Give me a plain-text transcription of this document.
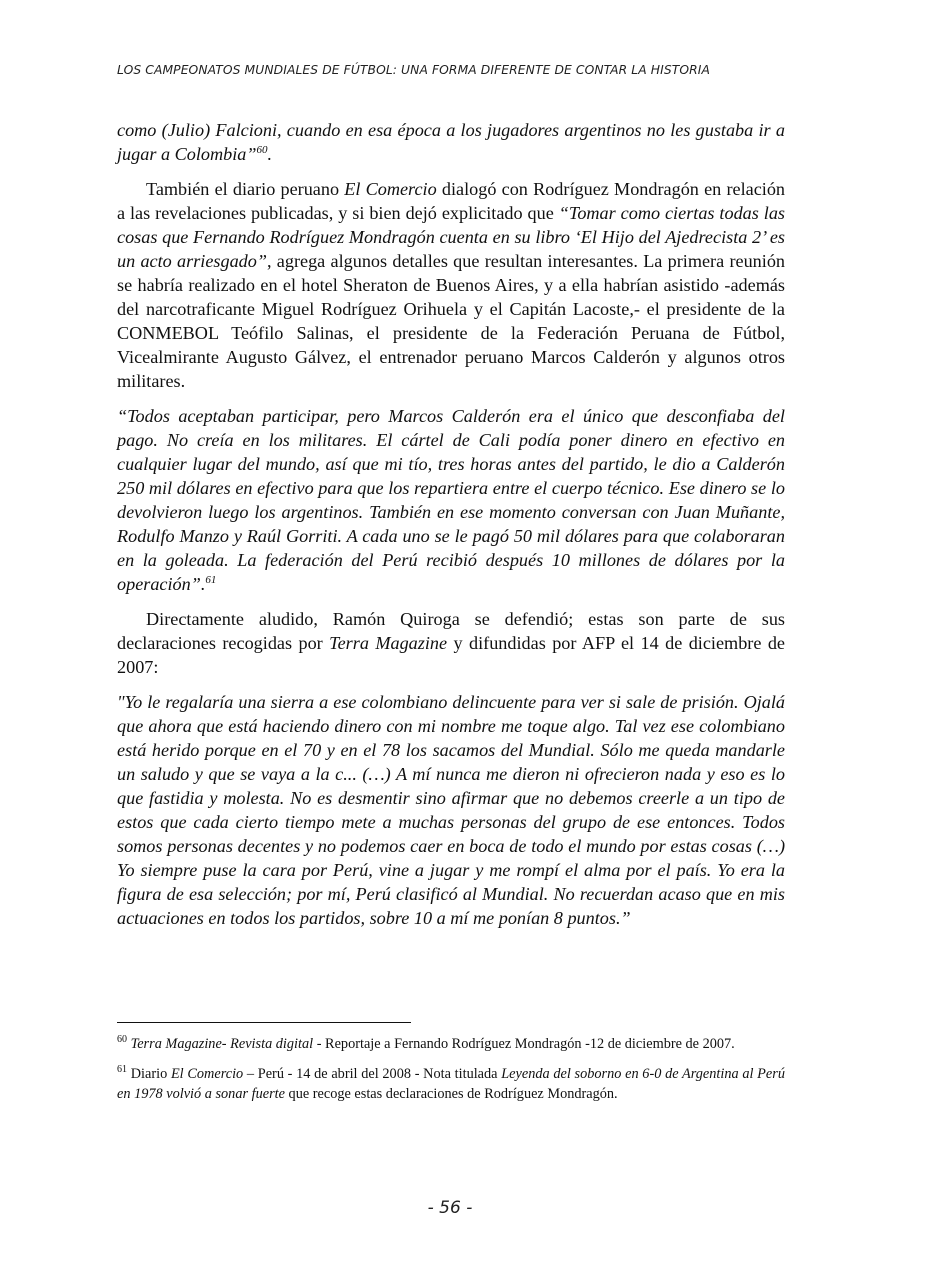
LOS CAMPEONATOS MUNDIALES DE FÚTBOL: UNA FORMA DIFERENTE DE CONTAR LA HISTORIA

como (Julio) Falcioni, cuando en esa época a los jugadores argentinos no les gustaba ir a jugar a Colombia”$^{60}$.

También el diario peruano El Comercio dialogó con Rodríguez Mondragón en relación a las revelaciones publicadas, y si bien dejó explicitado que “Tomar como ciertas todas las cosas que Fernando Rodríguez Mondragón cuenta en su libro ‘El Hijo del Ajedrecista 2’ es un acto arriesgado”, agrega algunos detalles que resultan interesantes. La primera reunión se habría realizado en el hotel Sheraton de Buenos Aires, y a ella habrían asistido -además del narcotraficante Miguel Rodríguez Orihuela y el Capitán Lacoste,- el presidente de la CONMEBOL Teófilo Salinas, el presidente de la Federación Peruana de Fútbol, Vicealmirante Augusto Gálvez, el entrenador peruano Marcos Calderón y algunos otros militares.

“Todos aceptaban participar, pero Marcos Calderón era el único que desconfiaba del pago. No creía en los militares. El cártel de Cali podía poner dinero en efectivo en cualquier lugar del mundo, así que mi tío, tres horas antes del partido, le dio a Calderón 250 mil dólares en efectivo para que los repartiera entre el cuerpo técnico. Ese dinero se lo devolvieron luego los argentinos. También en ese momento conversan con Juan Muñante, Rodulfo Manzo y Raúl Gorriti. A cada uno se le pagó 50 mil dólares para que colaboraran en la goleada. La federación del Perú recibió después 10 millones de dólares por la operación”.$^{61}$

Directamente aludido, Ramón Quiroga se defendió; estas son parte de sus declaraciones recogidas por Terra Magazine y difundidas por AFP el 14 de diciembre de 2007:

"Yo le regalaría una sierra a ese colombiano delincuente para ver si sale de prisión. Ojalá que ahora que está haciendo dinero con mi nombre me toque algo. Tal vez ese colombiano está herido porque en el 70 y en el 78 los sacamos del Mundial. Sólo me queda mandarle un saludo y que se vaya a la c... (…) A mí nunca me dieron ni ofrecieron nada y eso es lo que fastidia y molesta. No es desmentir sino afirmar que no debemos creerle a un tipo de estos que cada cierto tiempo mete a muchas personas del grupo de ese entonces. Todos somos personas decentes y no podemos caer en boca de todo el mundo por estas cosas (…) Yo siempre puse la cara por Perú, vine a jugar y me rompí el alma por el país. Yo era la figura de esa selección; por mí, Perú clasificó al Mundial. No recuerdan acaso que en mis actuaciones en todos los partidos, sobre 10 a mí me ponían 8 puntos.”

$^{60}$ Terra Magazine- Revista digital - Reportaje a Fernando Rodríguez Mondragón -12 de diciembre de 2007.

$^{61}$ Diario El Comercio – Perú - 14 de abril del 2008 - Nota titulada Leyenda del soborno en 6-0 de Argentina al Perú en 1978 volvió a sonar fuerte que recoge estas declaraciones de Rodríguez Mondragón.

- 56 -
